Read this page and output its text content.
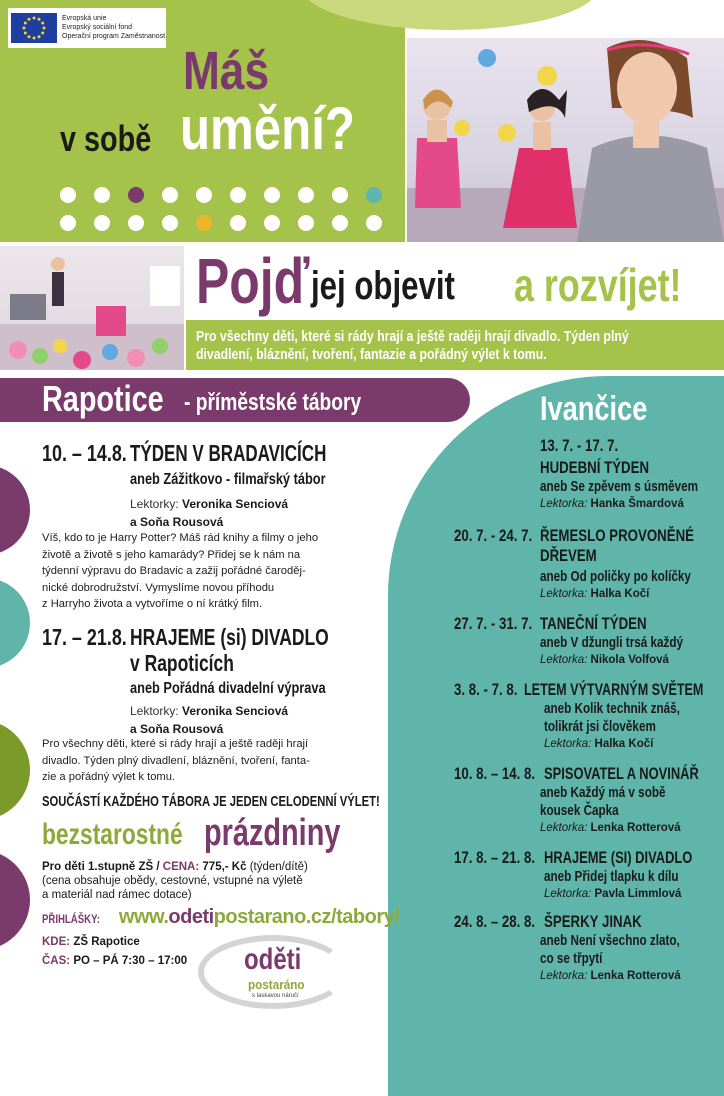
Evropská unie
Evropský sociální fond
Operační program Zaměstnanost
Máš
v sobě umění?
Pojď jej objevit a rozvíjet!
Pro všechny děti, které si rády hrají a ještě raději hrají divadlo. Týden plný
divadlení, bláznění, tvoření, fantazie a pořádný výlet k tomu.
Rapotice - příměstské tábory
10. – 14.8. TÝDEN V BRADAVICÍCH
aneb Zážitkovo - filmařský tábor
Lektorky: Veronika Senciová
a Soňa Rousová
Víš, kdo to je Harry Potter? Máš rád knihy a filmy o jeho
životě a životě s jeho kamarády? Přidej se k nám na
týdenní výpravu do Bradavic a zažij pořádné čaroděj-
nické dobrodružství. Vymyslíme novou příhodu
z Harryho života a vytvoříme o ní krátký film.
17. – 21.8. HRAJEME (si) DIVADLO
v Rapoticích
aneb Pořádná divadelní výprava
Lektorky: Veronika Senciová
a Soňa Rousová
Pro všechny děti, které si rády hrají a ještě raději hrají
divadlo. Týden plný divadlení, bláznění, tvoření, fanta-
zie a pořádný výlet k tomu.
SOUČÁSTÍ KAŽDÉHO TÁBORA JE JEDEN CELODENNÍ VÝLET!
bezstarostné prázdniny
Pro děti 1.stupně ZŠ / CENA: 775,- Kč (týden/dítě)
(cena obsahuje obědy, cestovné, vstupné na výletě
a materiál nad rámec dotace)
PŘIHLÁŠKY: www.odetipostarano.cz/tabory/
KDE: ZŠ Rapotice
ČAS: PO – PÁ 7:30 – 17:00 oděti
postaráno
s laskavou náručí
Ivančice
13. 7. - 17. 7.
HUDEBNÍ TÝDEN
aneb Se zpěvem s úsměvem
Lektorka: Hanka Šmardová
20. 7. - 24. 7. ŘEMESLO PROVONĚNÉ
DŘEVEM
aneb Od poličky po kolíčky
Lektorka: Halka Kočí
27. 7. - 31. 7. TANEČNÍ TÝDEN
aneb V džungli trsá každý
Lektorka: Nikola Volfová
3. 8. - 7. 8. LETEM VÝTVARNÝM SVĚTEM
aneb Kolik technik znáš,
tolikrát jsi člověkem
Lektorka: Halka Kočí
10. 8. – 14. 8. SPISOVATEL A NOVINÁŘ
aneb Každý má v sobě
kousek Čapka
Lektorka: Lenka Rotterová
17. 8. – 21. 8. HRAJEME (SI) DIVADLO
aneb Přidej tlapku k dílu
Lektorka: Pavla Limmlová
24. 8. – 28. 8. ŠPERKY JINAK
aneb Není všechno zlato,
co se třpytí
Lektorka: Lenka Rotterová
